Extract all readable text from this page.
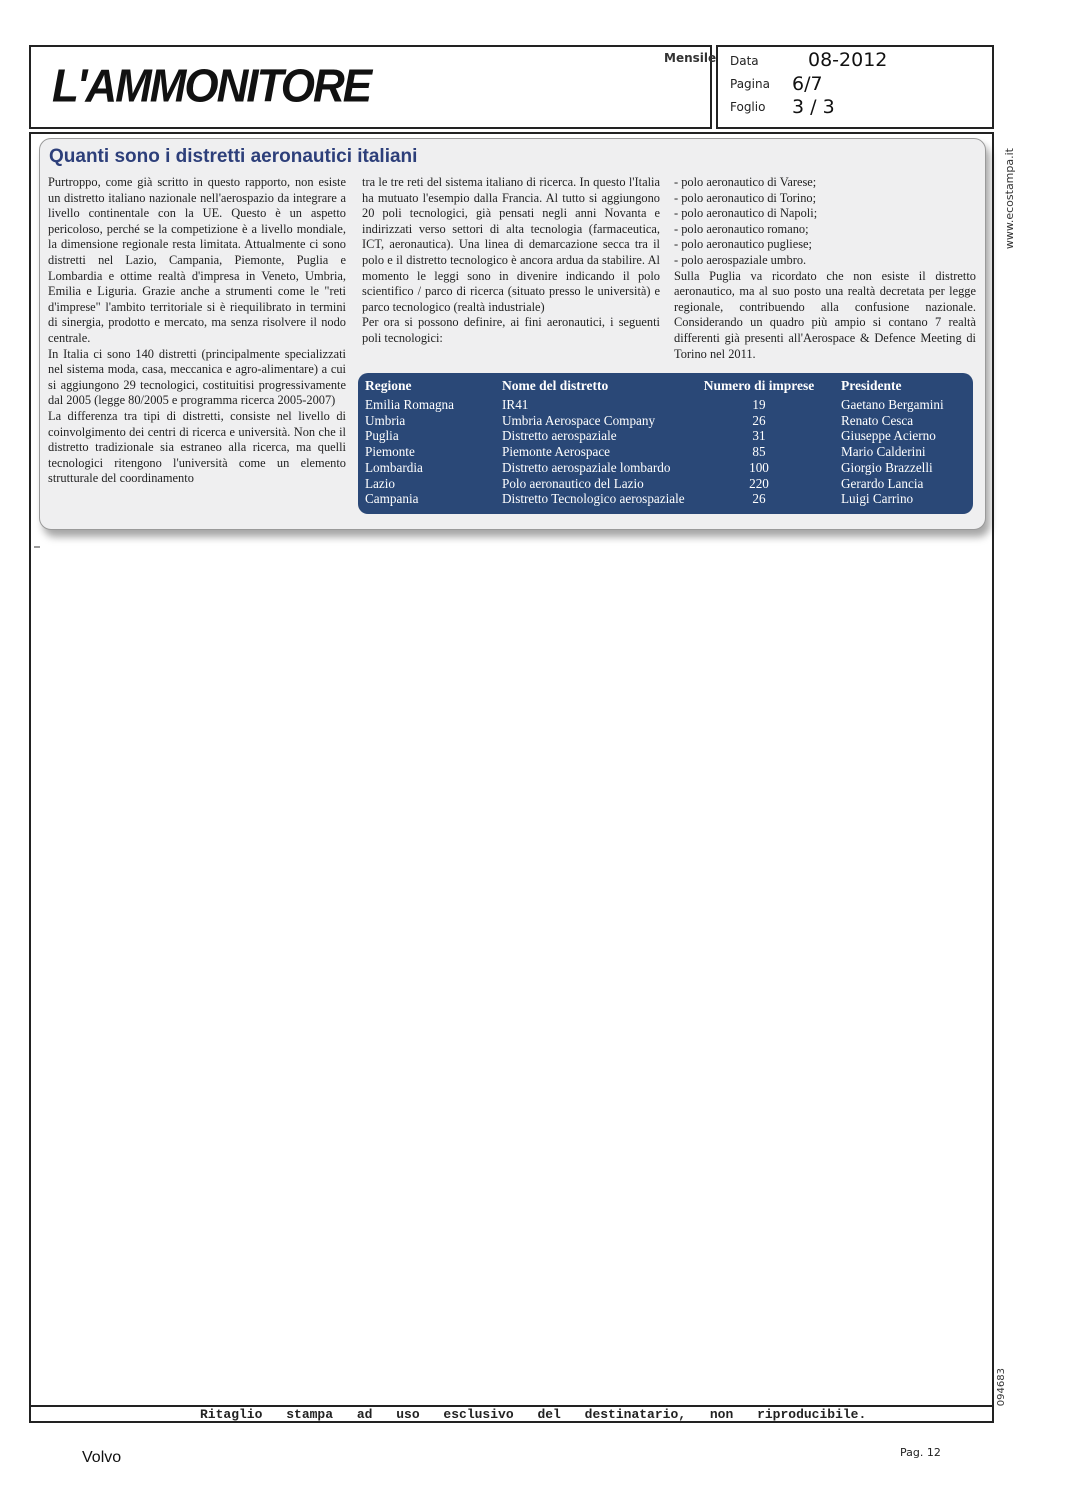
L'AMMONITORE
Mensile Data	08-2012
Pagina 6/7
Foglio 3 / 3
Ritaglio stampa ad uso esclusivo del destinatario, non riproducibile.
www.ecostampa.it
094683
Quanti sono i distretti aeronautici italiani

Purtroppo, come già scritto in questo rapporto, non esiste un distretto italiano nazionale nell'aerospazio da integrare a livello continentale con la UE. Questo è un aspetto pericoloso, perché se la competizione è a livello mondiale, la dimensione regionale resta limitata. Attualmente ci sono distretti nel Lazio, Campania, Piemonte, Puglia e Lombardia e ottime realtà d'impresa in Veneto, Umbria, Emilia e Liguria. Grazie anche a strumenti come le "reti d'imprese" l'ambito territoriale si è riequilibrato in termini di sinergia, prodotto e mercato, ma senza risolvere il nodo centrale.

In Italia ci sono 140 distretti (principalmente specializzati nel sistema moda, casa, meccanica e agro-alimentare) a cui si aggiungono 29 tecnologici, costituitisi progressivamente dal 2005 (legge 80/2005 e programma ricerca 2005-2007)

La differenza tra tipi di distretti, consiste nel livello di coinvolgimento dei centri di ricerca e università. Non che il distretto tradizionale sia estraneo alla ricerca, ma quelli tecnologici ritengono l'università come un elemento strutturale del coordinamento

tra le tre reti del sistema italiano di ricerca. In questo l'Italia ha mutuato l'esempio dalla Francia. Al tutto si aggiungono 20 poli tecnologici, già pensati negli anni Novanta e indirizzati verso settori di alta tecnologia (farmaceutica, ICT, aeronautica). Una linea di demarcazione secca tra il polo e il distretto tecnologico è ancora ardua da stabilire. Al momento le leggi sono in divenire indicando il polo scientifico / parco di ricerca (situato presso le università) e parco tecnologico (realtà industriale)

Per ora si possono definire, ai fini aeronautici, i seguenti poli tecnologici:

- polo aeronautico di Varese;

- polo aeronautico di Torino;

- polo aeronautico di Napoli;

- polo aeronautico romano;

- polo aeronautico pugliese;

- polo aerospaziale umbro.

Sulla Puglia va ricordato che non esiste il distretto aeronautico, ma al suo posto una realtà decretata per legge regionale, contribuendo alla confusione nazionale. Considerando un quadro più ampio si contano 7 realtà differenti già presenti all'Aerospace & Defence Meeting di Torino nel 2011.

Regione	Nome del distretto	Numero di imprese	Presidente
Emilia Romagna	IR41	19	Gaetano Bergamini
Umbria	Umbria Aerospace Company	26	Renato Cesca
Puglia	Distretto aerospaziale	31	Giuseppe Acierno
Piemonte	Piemonte Aerospace	85	Mario Calderini
Lombardia	Distretto aerospaziale lombardo	100	Giorgio Brazzelli
Lazio	Polo aeronautico del Lazio	220	Gerardo Lancia
Campania	Distretto Tecnologico aerospaziale	26	Luigi Carrino
Volvo	Pag. 12
